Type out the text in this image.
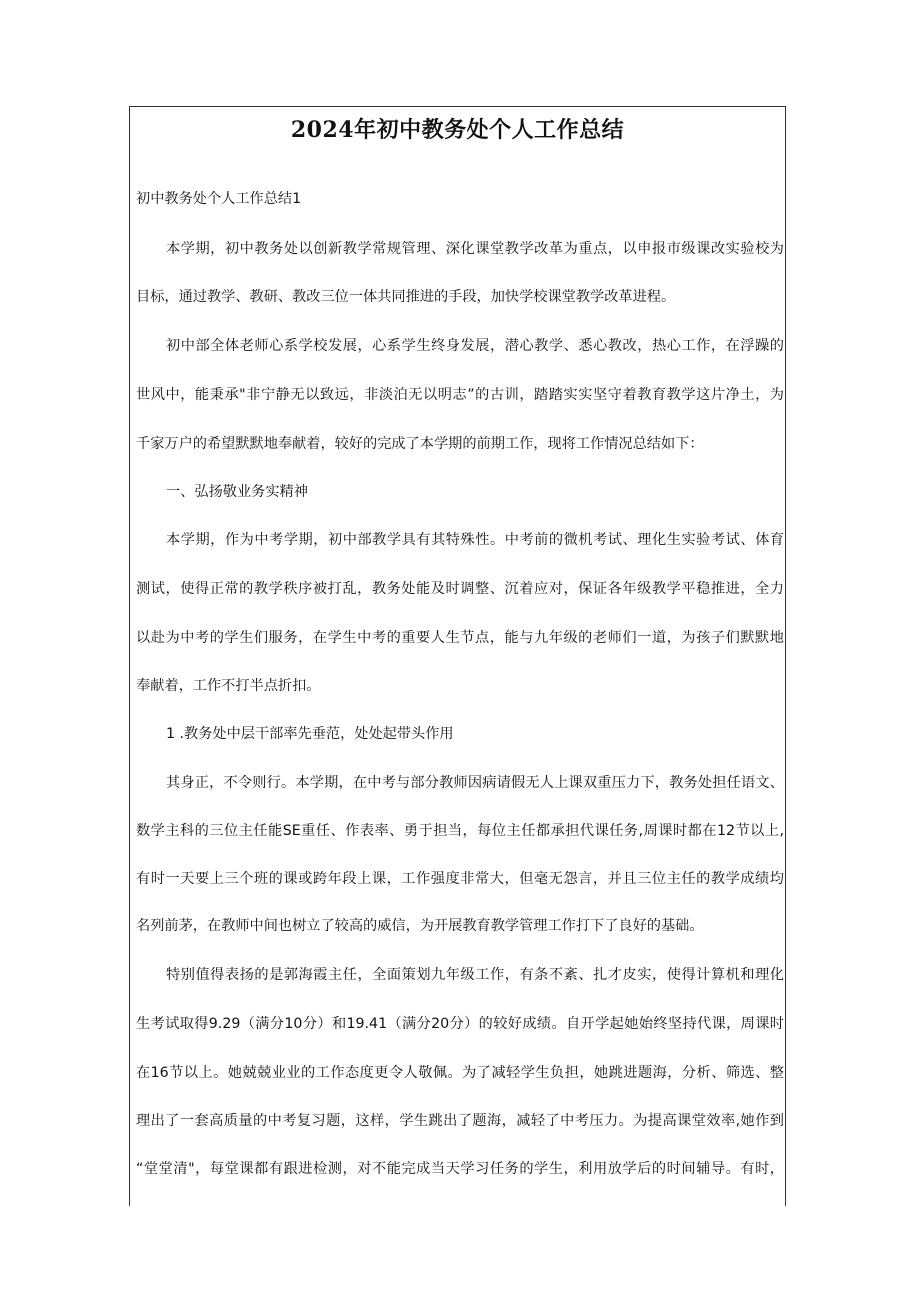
2024年初中教务处个人工作总结

初中教务处个人工作总结1

本学期，初中教务处以创新教学常规管理、深化课堂教学改革为重点，以申报市级课改实验校为

目标，通过教学、教研、教改三位一体共同推进的手段，加快学校课堂教学改革进程。

初中部全体老师心系学校发展，心系学生终身发展，潜心教学、悉心教改，热心工作，在浮躁的

世风中，能秉承"非宁静无以致远，非淡泊无以明志”的古训，踏踏实实坚守着教育教学这片净土，为

千家万户的希望默默地奉献着，较好的完成了本学期的前期工作，现将工作情况总结如下：

一、弘扬敬业务实精神

本学期，作为中考学期，初中部教学具有其特殊性。中考前的微机考试、理化生实验考试、体育

测试，使得正常的教学秩序被打乱，教务处能及时调整、沉着应对，保证各年级教学平稳推进，全力

以赴为中考的学生们服务，在学生中考的重要人生节点，能与九年级的老师们一道，为孩子们默默地

奉献着，工作不打半点折扣。

1 .教务处中层干部率先垂范，处处起带头作用

其身正，不令则行。本学期，在中考与部分教师因病请假无人上课双重压力下，教务处担任语文、

数学主科的三位主任能SE重任、作表率、勇于担当，每位主任都承担代课任务,周课时都在12节以上,

有时一天要上三个班的课或跨年段上课，工作强度非常大，但毫无怨言，并且三位主任的教学成绩均

名列前茅，在教师中间也树立了较高的威信，为开展教育教学管理工作打下了良好的基础。

特别值得表扬的是郭海霞主任，全面策划九年级工作，有条不紊、扎才皮实，使得计算机和理化

生考试取得9.29（满分10分）和19.41（满分20分）的较好成绩。自开学起她始终坚持代课，周课时

在16节以上。她兢兢业业的工作态度更令人敬佩。为了减轻学生负担，她跳进题海，分析、筛选、整

理出了一套高质量的中考复习题，这样，学生跳出了题海，减轻了中考压力。为提高课堂效率,她作到

“堂堂清"，每堂课都有跟进检测，对不能完成当天学习任务的学生，利用放学后的时间辅导。有时，
